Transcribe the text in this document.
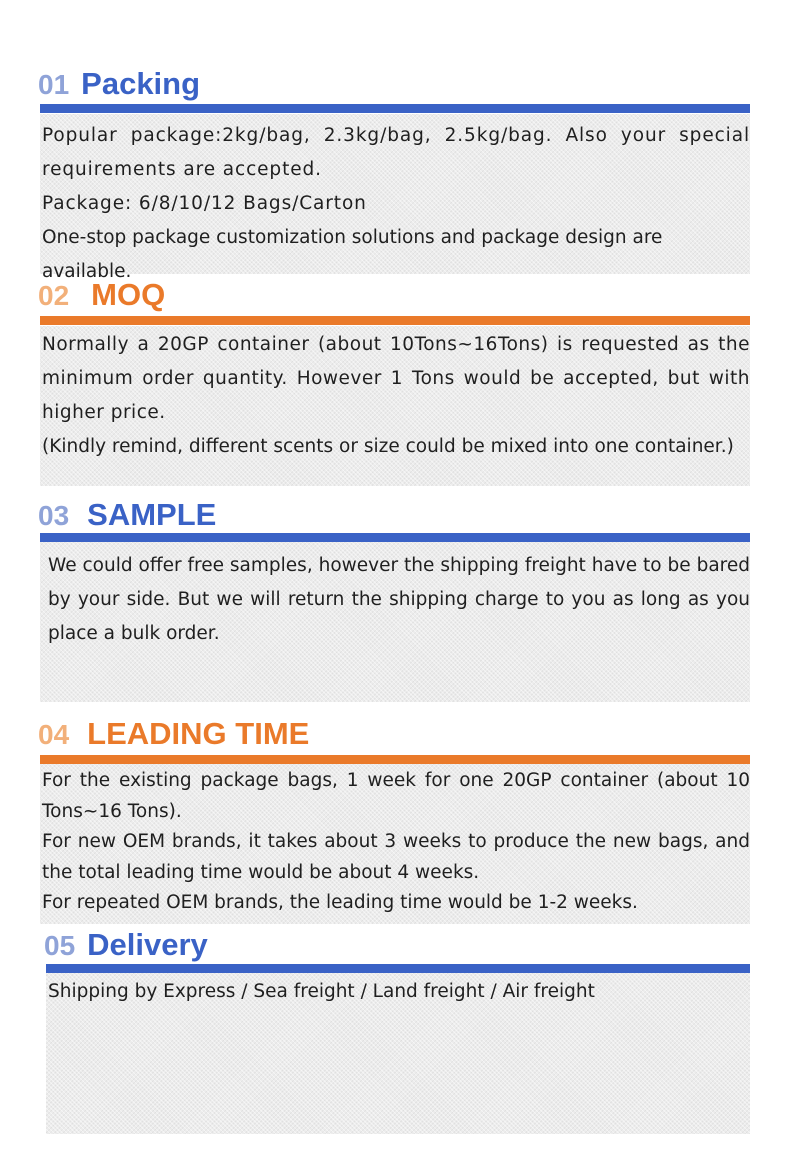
01 Packing

Popular package:2kg/bag, 2.3kg/bag, 2.5kg/bag. Also your special requirements are accepted.

Package: 6/8/10/12 Bags/Carton

One-stop package customization solutions and package design are available.

02 MOQ

Normally a 20GP container (about 10Tons~16Tons) is requested as the minimum order quantity. However 1 Tons would be accepted, but with higher price.

(Kindly remind, different scents or size could be mixed into one container.)

03 SAMPLE

We could offer free samples, however the shipping freight have to be bared by your side. But we will return the shipping charge to you as long as you place a bulk order.

04 LEADING TIME

For the existing package bags, 1 week for one 20GP container (about 10 Tons~16 Tons).

For new OEM brands, it takes about 3 weeks to produce the new bags, and the total leading time would be about 4 weeks.

For repeated OEM brands, the leading time would be 1-2 weeks.

05 Delivery

Shipping by Express / Sea freight / Land freight / Air freight
